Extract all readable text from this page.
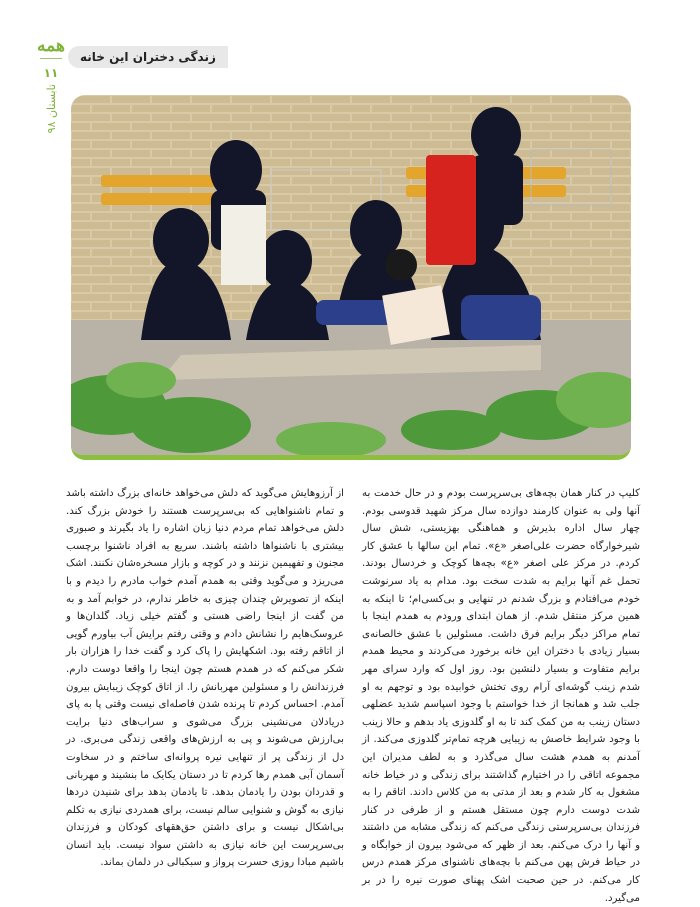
همه
۱۱
تابستان ۹۸
زندگی دختران این خانه

کلیپ در کنار همان بچه‌های بی‌سرپرست بودم و در حال خدمت به آنها ولی به عنوان کارمند دوازده سال مرکز شهید قدوسی بودم. چهار سال اداره بذیرش و هماهنگی بهزیستی، شش سال شیرخوارگاه حضرت علی‌اصغر «ع». تمام این سالها با عشق کار کردم. در مرکز علی اصغر «ع» بچه‌ها کوچک و خردسال بودند. تحمل غم آنها برایم به شدت سخت بود. مدام به یاد سرنوشت خودم می‌افتادم و بزرگ شدنم در تنهایی و بی‌کسی‌ام؛ تا اینکه به همین مرکز منتقل شدم. از همان ابتدای ورودم به همدم اینجا با تمام مراکز دیگر برایم فرق داشت. مسئولین با عشق خالصانه‌ی بسیار زیادی با دختران این خانه برخورد می‌کردند و محیط همدم برایم متفاوت و بسیار دلنشین بود. روز اول که وارد سرای مهر شدم زینب گوشه‌ای آرام روی تختش خوابیده بود و توجهم به او جلب شد و همانجا از خدا خواستم با وجود اسپاسم شدید عضلهی دستان زینب به من کمک کند تا به او گلدوزی یاد بدهم و حالا زینب با وجود شرایط خاصش به زیبایی هرچه تمام‌تر گلدوزی می‌کند. از آمدنم به همدم هشت سال می‌گذرد و به لطف مدیران این مجموعه اتاقی را در اختیارم گذاشتند برای زندگی و در خیاط خانه مشغول به کار شدم و بعد از مدتی به من کلاس دادند. اتاقم را به شدت دوست دارم چون مستقل هستم و از طرفی در کنار فرزندان بی‌سرپرستی زندگی می‌کنم که زندگی مشابه من داشتند و آنها را درک می‌کنم. بعد از ظهر که می‌شود بیرون از خوابگاه و در حیاط فرش پهن می‌کنم با بچه‌های ناشنوای مرکز همدم درس کار می‌کنم. در حین صحبت اشک پهنای صورت نیره را در بر می‌گیرد.

از آرزوهایش می‌گوید که دلش می‌خواهد خانه‌ای بزرگ داشته باشد و تمام ناشنواهایی که بی‌سرپرست هستند را خودش بزرگ کند. دلش می‌خواهد تمام مردم دنیا زبان اشاره را یاد بگیرند و صبوری بیشتری با ناشنواها داشته باشند. سریع به افراد ناشنوا برچسب مجنون و تفهیمین نزنند و در کوچه و بازار مسخره‌شان نکنند. اشک می‌ریزد و می‌گوید وقتی به همدم آمدم خواب مادرم را دیدم و با اینکه از تصویرش چندان چیزی به خاطر ندارم، در خوابم آمد و به من گفت از اینجا راضی هستی و گفتم خیلی زیاد. گلدان‌ها و عروسک‌هایم را نشانش دادم و وقتی رفتم برایش آب بیاورم گویی از اتاقم رفته بود. اشکهایش را پاک کرد و گفت خدا را هزاران بار شکر می‌کنم که در همدم هستم چون اینجا را واقعا دوست دارم. فرزندانش را و مسئولین مهربانش را. از اتاق کوچک زیبایش بیرون آمدم. احساس کردم تا پرنده شدن فاصله‌ای نیست وقتی پا به پای دریادلان می‌نشینی بزرگ می‌شوی و سراب‌های دنیا برایت بی‌ارزش می‌شوند و پی به ارزش‌های واقعی زندگی می‌بری. در دل از زندگی پر از تنهایی نیره پروانه‌ای ساختم و در سخاوت آسمان آبی همدم رها کردم تا در دستان یکایک ما بنشیند و مهربانی و قدردان بودن را یادمان بدهد. تا یادمان بدهد برای شنیدن دردها نیازی به گوش و شنوایی سالم نیست، برای همدردی نیازی به تکلم بی‌اشکال نیست و برای داشتن حق‌هقهای کودکان و فرزندان بی‌سرپرست این خانه نیازی به داشتن سواد نیست. باید انسان باشیم مبادا روزی حسرت پرواز و سبکبالی در دلمان بماند.
